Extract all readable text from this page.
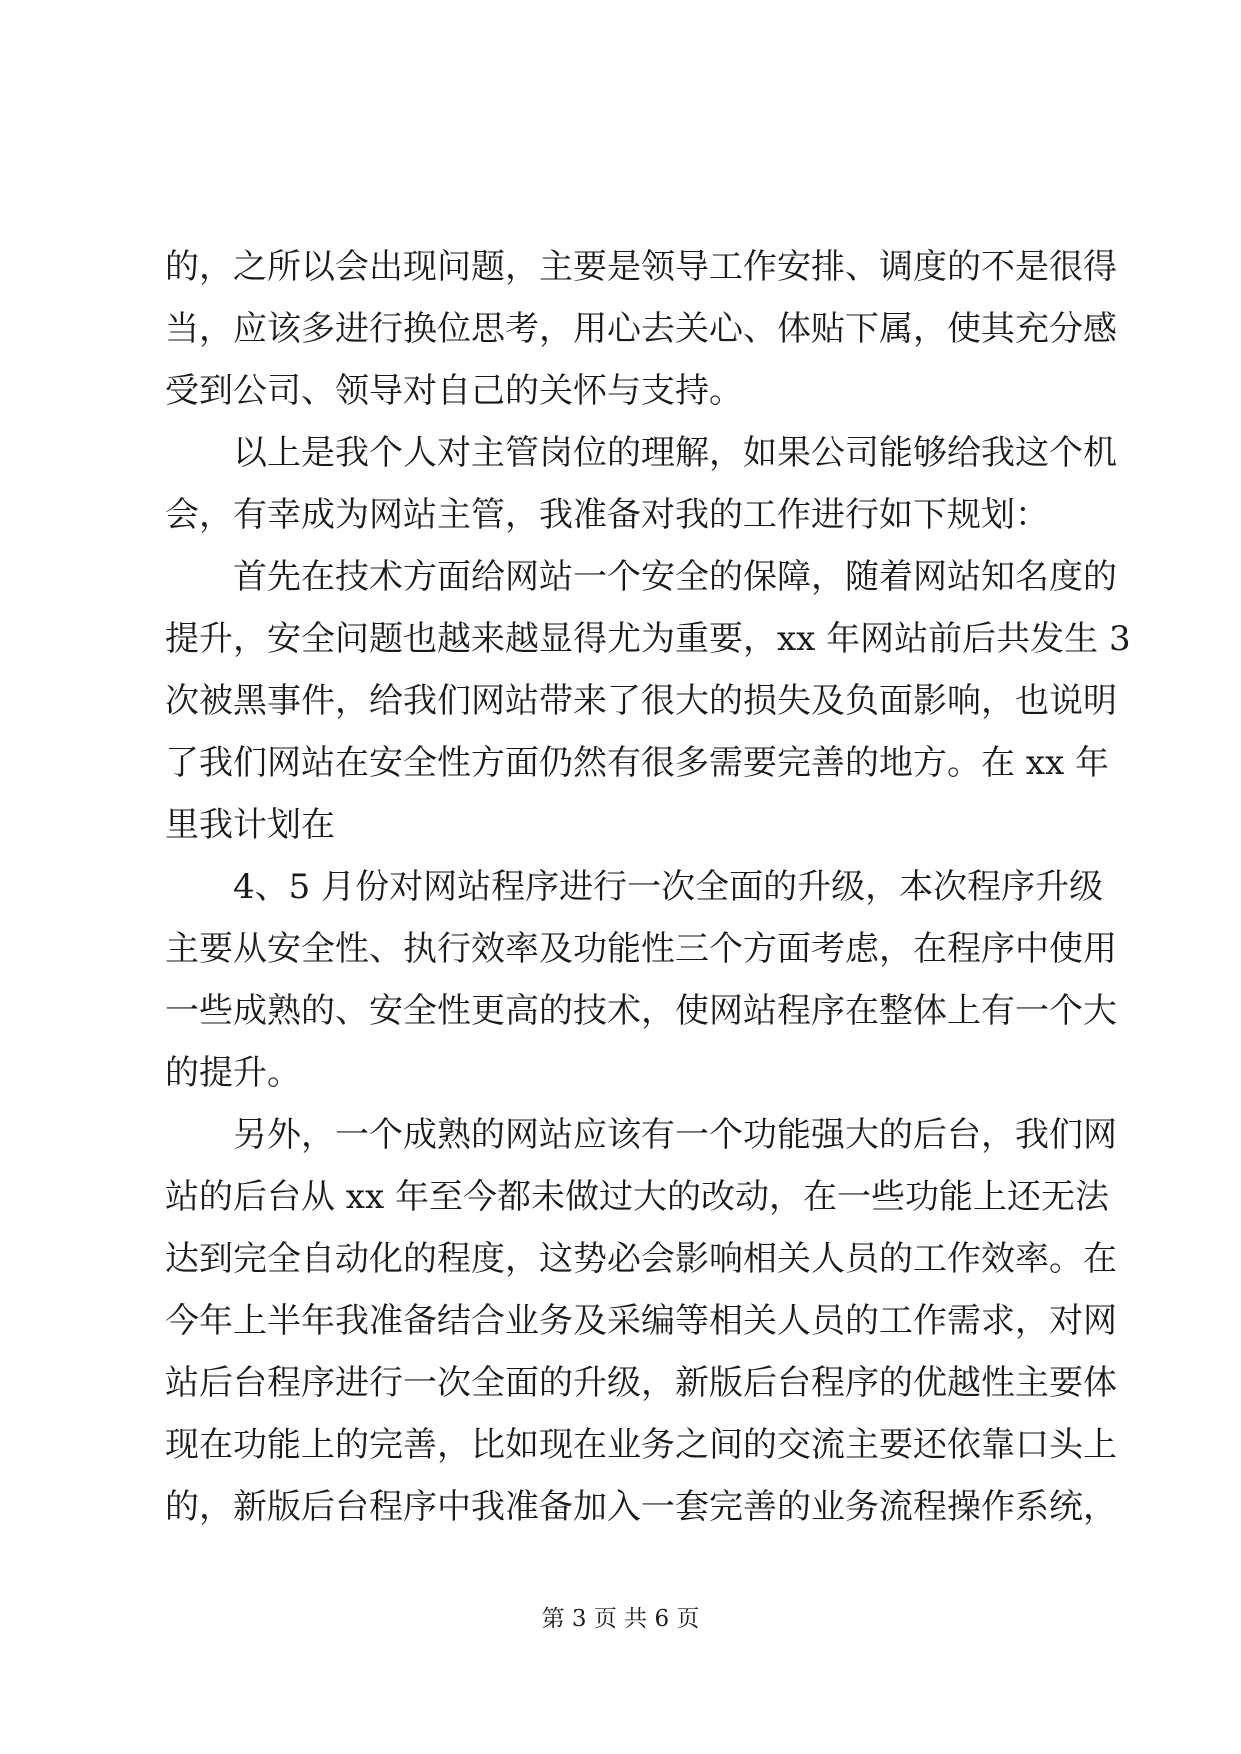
的，之所以会出现问题，主要是领导工作安排、调度的不是很得
当，应该多进行换位思考，用心去关心、体贴下属，使其充分感
受到公司、领导对自己的关怀与支持。
以上是我个人对主管岗位的理解，如果公司能够给我这个机
会，有幸成为网站主管，我准备对我的工作进行如下规划：
首先在技术方面给网站一个安全的保障，随着网站知名度的
提升，安全问题也越来越显得尤为重要，xx 年网站前后共发生 3
次被黑事件，给我们网站带来了很大的损失及负面影响，也说明
了我们网站在安全性方面仍然有很多需要完善的地方。在 xx 年
里我计划在
4、5 月份对网站程序进行一次全面的升级，本次程序升级
主要从安全性、执行效率及功能性三个方面考虑，在程序中使用
一些成熟的、安全性更高的技术，使网站程序在整体上有一个大
的提升。
另外，一个成熟的网站应该有一个功能强大的后台，我们网
站的后台从 xx 年至今都未做过大的改动，在一些功能上还无法
达到完全自动化的程度，这势必会影响相关人员的工作效率。在
今年上半年我准备结合业务及采编等相关人员的工作需求，对网
站后台程序进行一次全面的升级，新版后台程序的优越性主要体
现在功能上的完善，比如现在业务之间的交流主要还依靠口头上
的，新版后台程序中我准备加入一套完善的业务流程操作系统，
第 3 页 共 6 页
